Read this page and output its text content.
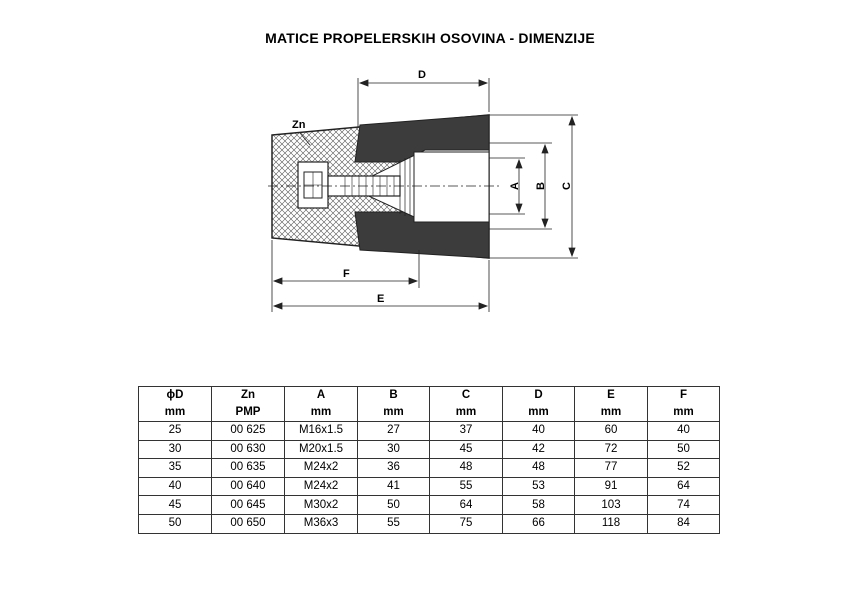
MATICE PROPELERSKIH OSOVINA - DIMENZIJE
Zn
D
A B C
F
E
ϕD	Zn	A	B	C	D	E	F
mm	PMP	mm	mm	mm	mm	mm	mm
25	00 625	M16x1.5	27	37	40	60	40
30	00 630	M20x1.5	30	45	42	72	50
35	00 635	M24x2	36	48	48	77	52
40	00 640	M24x2	41	55	53	91	64
45	00 645	M30x2	50	64	58	103	74
50	00 650	M36x3	55	75	66	118	84
